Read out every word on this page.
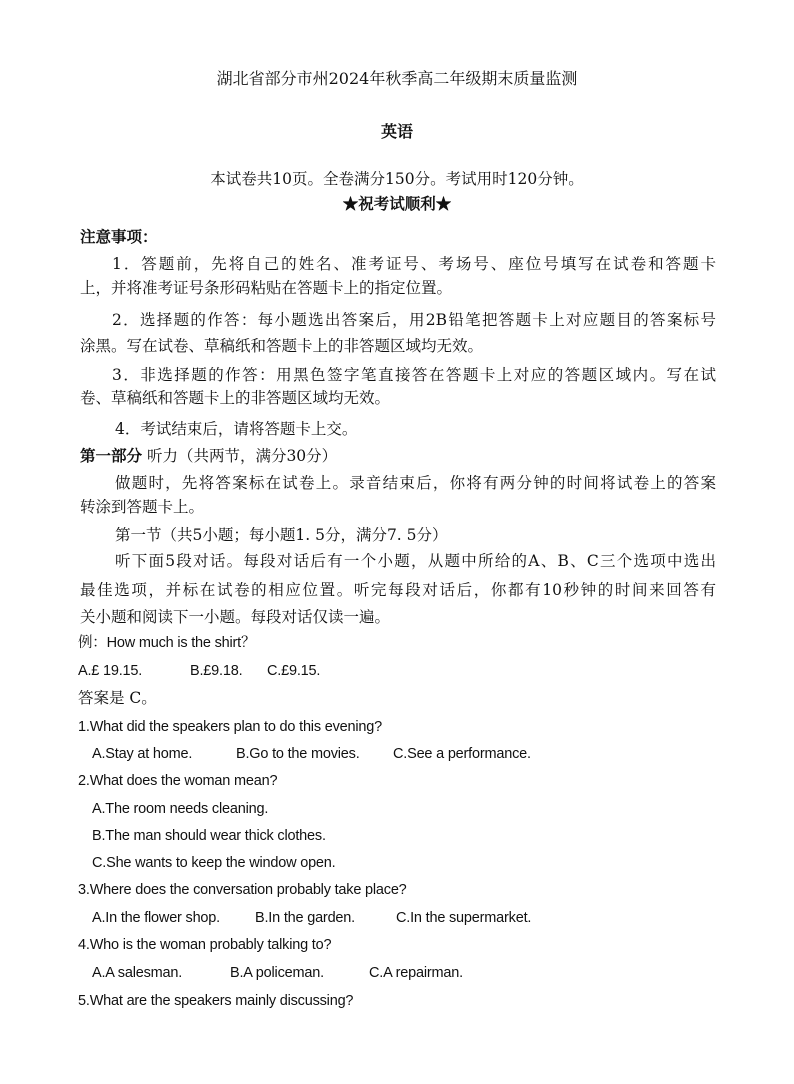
湖北省部分市州2024年秋季高二年级期末质量监测
英语
本试卷共10页。全卷满分150分。考试用时120分钟。
★祝考试顺利★
注意事项：
1．答题前，先将自己的姓名、准考证号、考场号、座位号填写在试卷和答题卡
上，并将准考证号条形码粘贴在答题卡上的指定位置。
2．选择题的作答：每小题选出答案后，用2B铅笔把答题卡上对应题目的答案标号
涂黑。写在试卷、草稿纸和答题卡上的非答题区域均无效。
3．非选择题的作答：用黑色签字笔直接答在答题卡上对应的答题区域内。写在试
卷、草稿纸和答题卡上的非答题区域均无效。
4．考试结束后，请将答题卡上交。
第一部分 听力（共两节，满分30分）
做题时，先将答案标在试卷上。录音结束后，你将有两分钟的时间将试卷上的答案
转涂到答题卡上。
第一节（共5小题；每小题1. 5分，满分7. 5分）
听下面5段对话。每段对话后有一个小题，从题中所给的A、B、C三个选项中选出
最佳选项，并标在试卷的相应位置。听完每段对话后，你都有10秒钟的时间来回答有
关小题和阅读下一小题。每段对话仅读一遍。
例：How much is the shirt？
A.£ 19.15.	B.£9.18. C.£9.15.
答案是 C。
1.What did the speakers plan to do this evening?
A.Stay at home.	B.Go to the movies. C.See a performance.
2.What does the woman mean?
A.The room needs cleaning.
B.The man should wear thick clothes.
C.She wants to keep the window open.
3.Where does the conversation probably take place?
A.In the flower shop. B.In the garden.	C.In the supermarket.
4.Who is the woman probably talking to?
A.A salesman.	B.A policeman.	C.A repairman.
5.What are the speakers mainly discussing?
